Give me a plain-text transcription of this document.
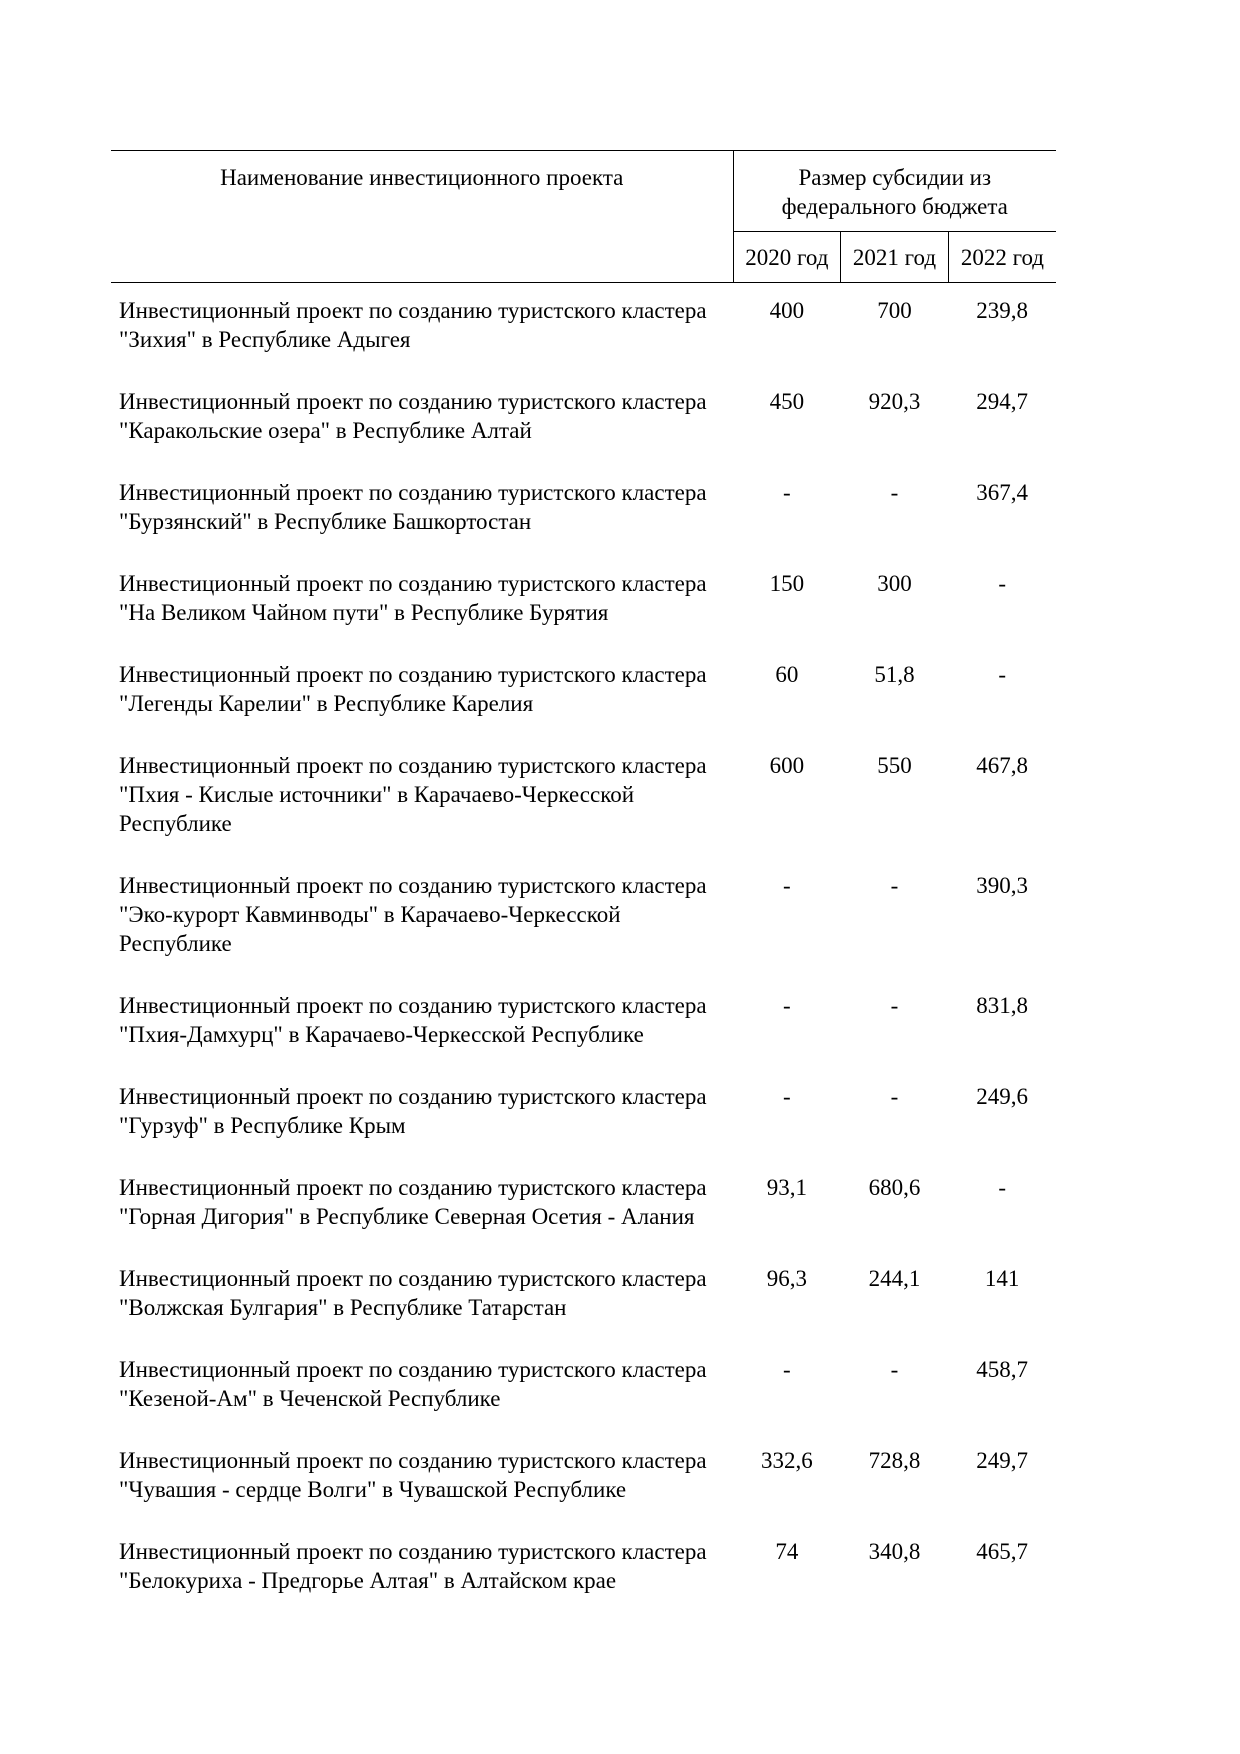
Наименование инвестиционного проекта	Размер субсидии из федерального бюджета		
	2020 год	2021 год	2022 год
Инвестиционный проект по созданию туристского кластера "Зихия" в Республике Адыгея	400	700	239,8
Инвестиционный проект по созданию туристского кластера "Каракольские озера" в Республике Алтай	450	920,3	294,7
Инвестиционный проект по созданию туристского кластера "Бурзянский" в Республике Башкортостан	-	-	367,4
Инвестиционный проект по созданию туристского кластера "На Великом Чайном пути" в Республике Бурятия	150	300	-
Инвестиционный проект по созданию туристского кластера "Легенды Карелии" в Республике Карелия	60	51,8	-
Инвестиционный проект по созданию туристского кластера "Пхия - Кислые источники" в Карачаево-Черкесской Республике	600	550	467,8
Инвестиционный проект по созданию туристского кластера "Эко-курорт Кавминводы" в Карачаево-Черкесской Республике	-	-	390,3
Инвестиционный проект по созданию туристского кластера "Пхия-Дамхурц" в Карачаево-Черкесской Республике	-	-	831,8
Инвестиционный проект по созданию туристского кластера "Гурзуф" в Республике Крым	-	-	249,6
Инвестиционный проект по созданию туристского кластера "Горная Дигория" в Республике Северная Осетия - Алания	93,1	680,6	-
Инвестиционный проект по созданию туристского кластера "Волжская Булгария" в Республике Татарстан	96,3	244,1	141
Инвестиционный проект по созданию туристского кластера "Кезеной-Ам" в Чеченской Республике	-	-	458,7
Инвестиционный проект по созданию туристского кластера "Чувашия - сердце Волги" в Чувашской Республике	332,6	728,8	249,7
Инвестиционный проект по созданию туристского кластера "Белокуриха - Предгорье Алтая" в Алтайском крае	74	340,8	465,7
